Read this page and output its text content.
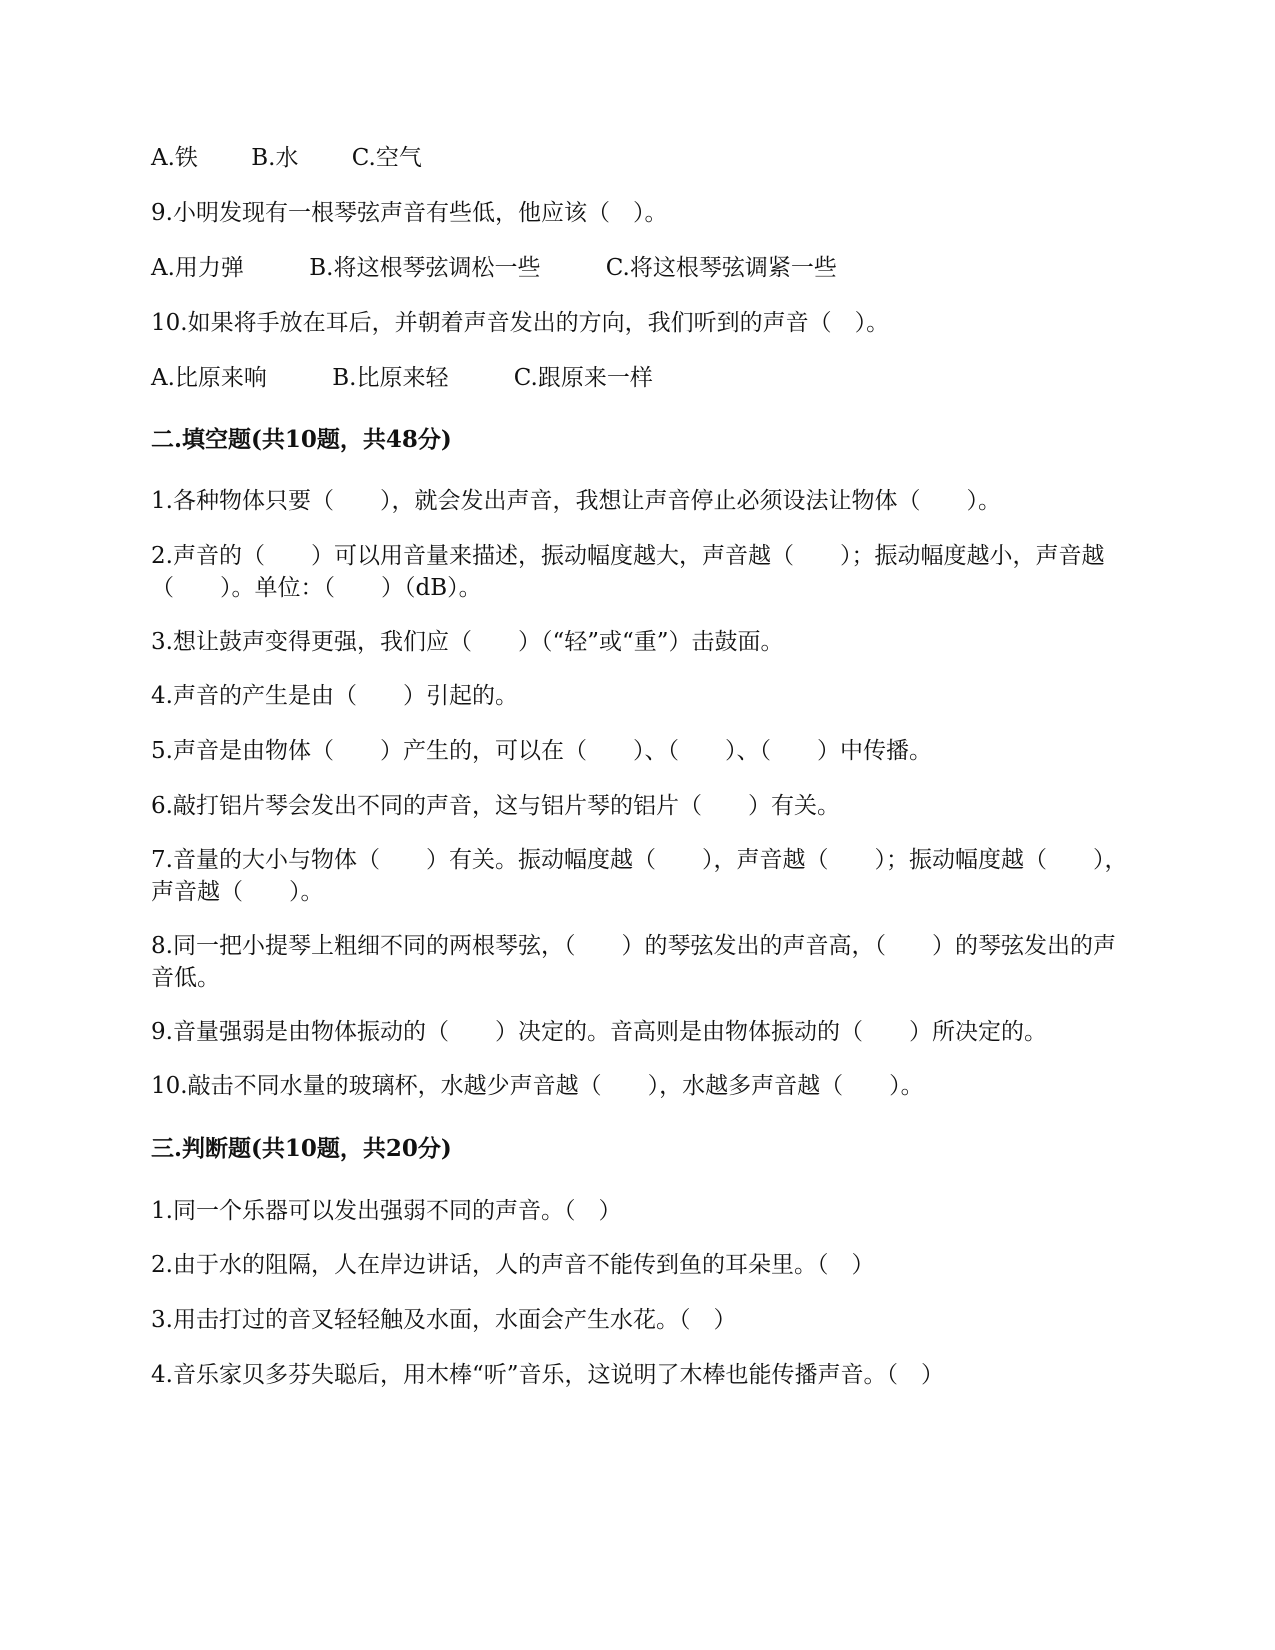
A.铁 B.水 C.空气
9.小明发现有一根琴弦声音有些低，他应该（　）。
A.用力弹	B.将这根琴弦调松一些	C.将这根琴弦调紧一些
10.如果将手放在耳后，并朝着声音发出的方向，我们听到的声音（　）。
A.比原来响	B.比原来轻	C.跟原来一样
二.填空题(共10题，共48分)
1.各种物体只要（　　），就会发出声音，我想让声音停止必须设法让物体（　　）。
2.声音的（　　）可以用音量来描述，振动幅度越大，声音越（　　）；振动幅度越小，声音越（　　）。单位：（　　）（dB）。
3.想让鼓声变得更强，我们应（　　）（“轻”或“重”）击鼓面。
4.声音的产生是由（　　）引起的。
5.声音是由物体（　　）产生的，可以在（　　）、（　　）、（　　）中传播。
6.敲打铝片琴会发出不同的声音，这与铝片琴的铝片（　　）有关。
7.音量的大小与物体（　　）有关。振动幅度越（　　），声音越（　　）；振动幅度越（　　），声音越（　　）。
8.同一把小提琴上粗细不同的两根琴弦，（　　）的琴弦发出的声音高，（　　）的琴弦发出的声音低。
9.音量强弱是由物体振动的（　　）决定的。音高则是由物体振动的（　　）所决定的。
10.敲击不同水量的玻璃杯，水越少声音越（　　），水越多声音越（　　）。
三.判断题(共10题，共20分)
1.同一个乐器可以发出强弱不同的声音。（　）
2.由于水的阻隔，人在岸边讲话，人的声音不能传到鱼的耳朵里。（　）
3.用击打过的音叉轻轻触及水面，水面会产生水花。（　）
4.音乐家贝多芬失聪后，用木棒“听”音乐，这说明了木棒也能传播声音。（　）
